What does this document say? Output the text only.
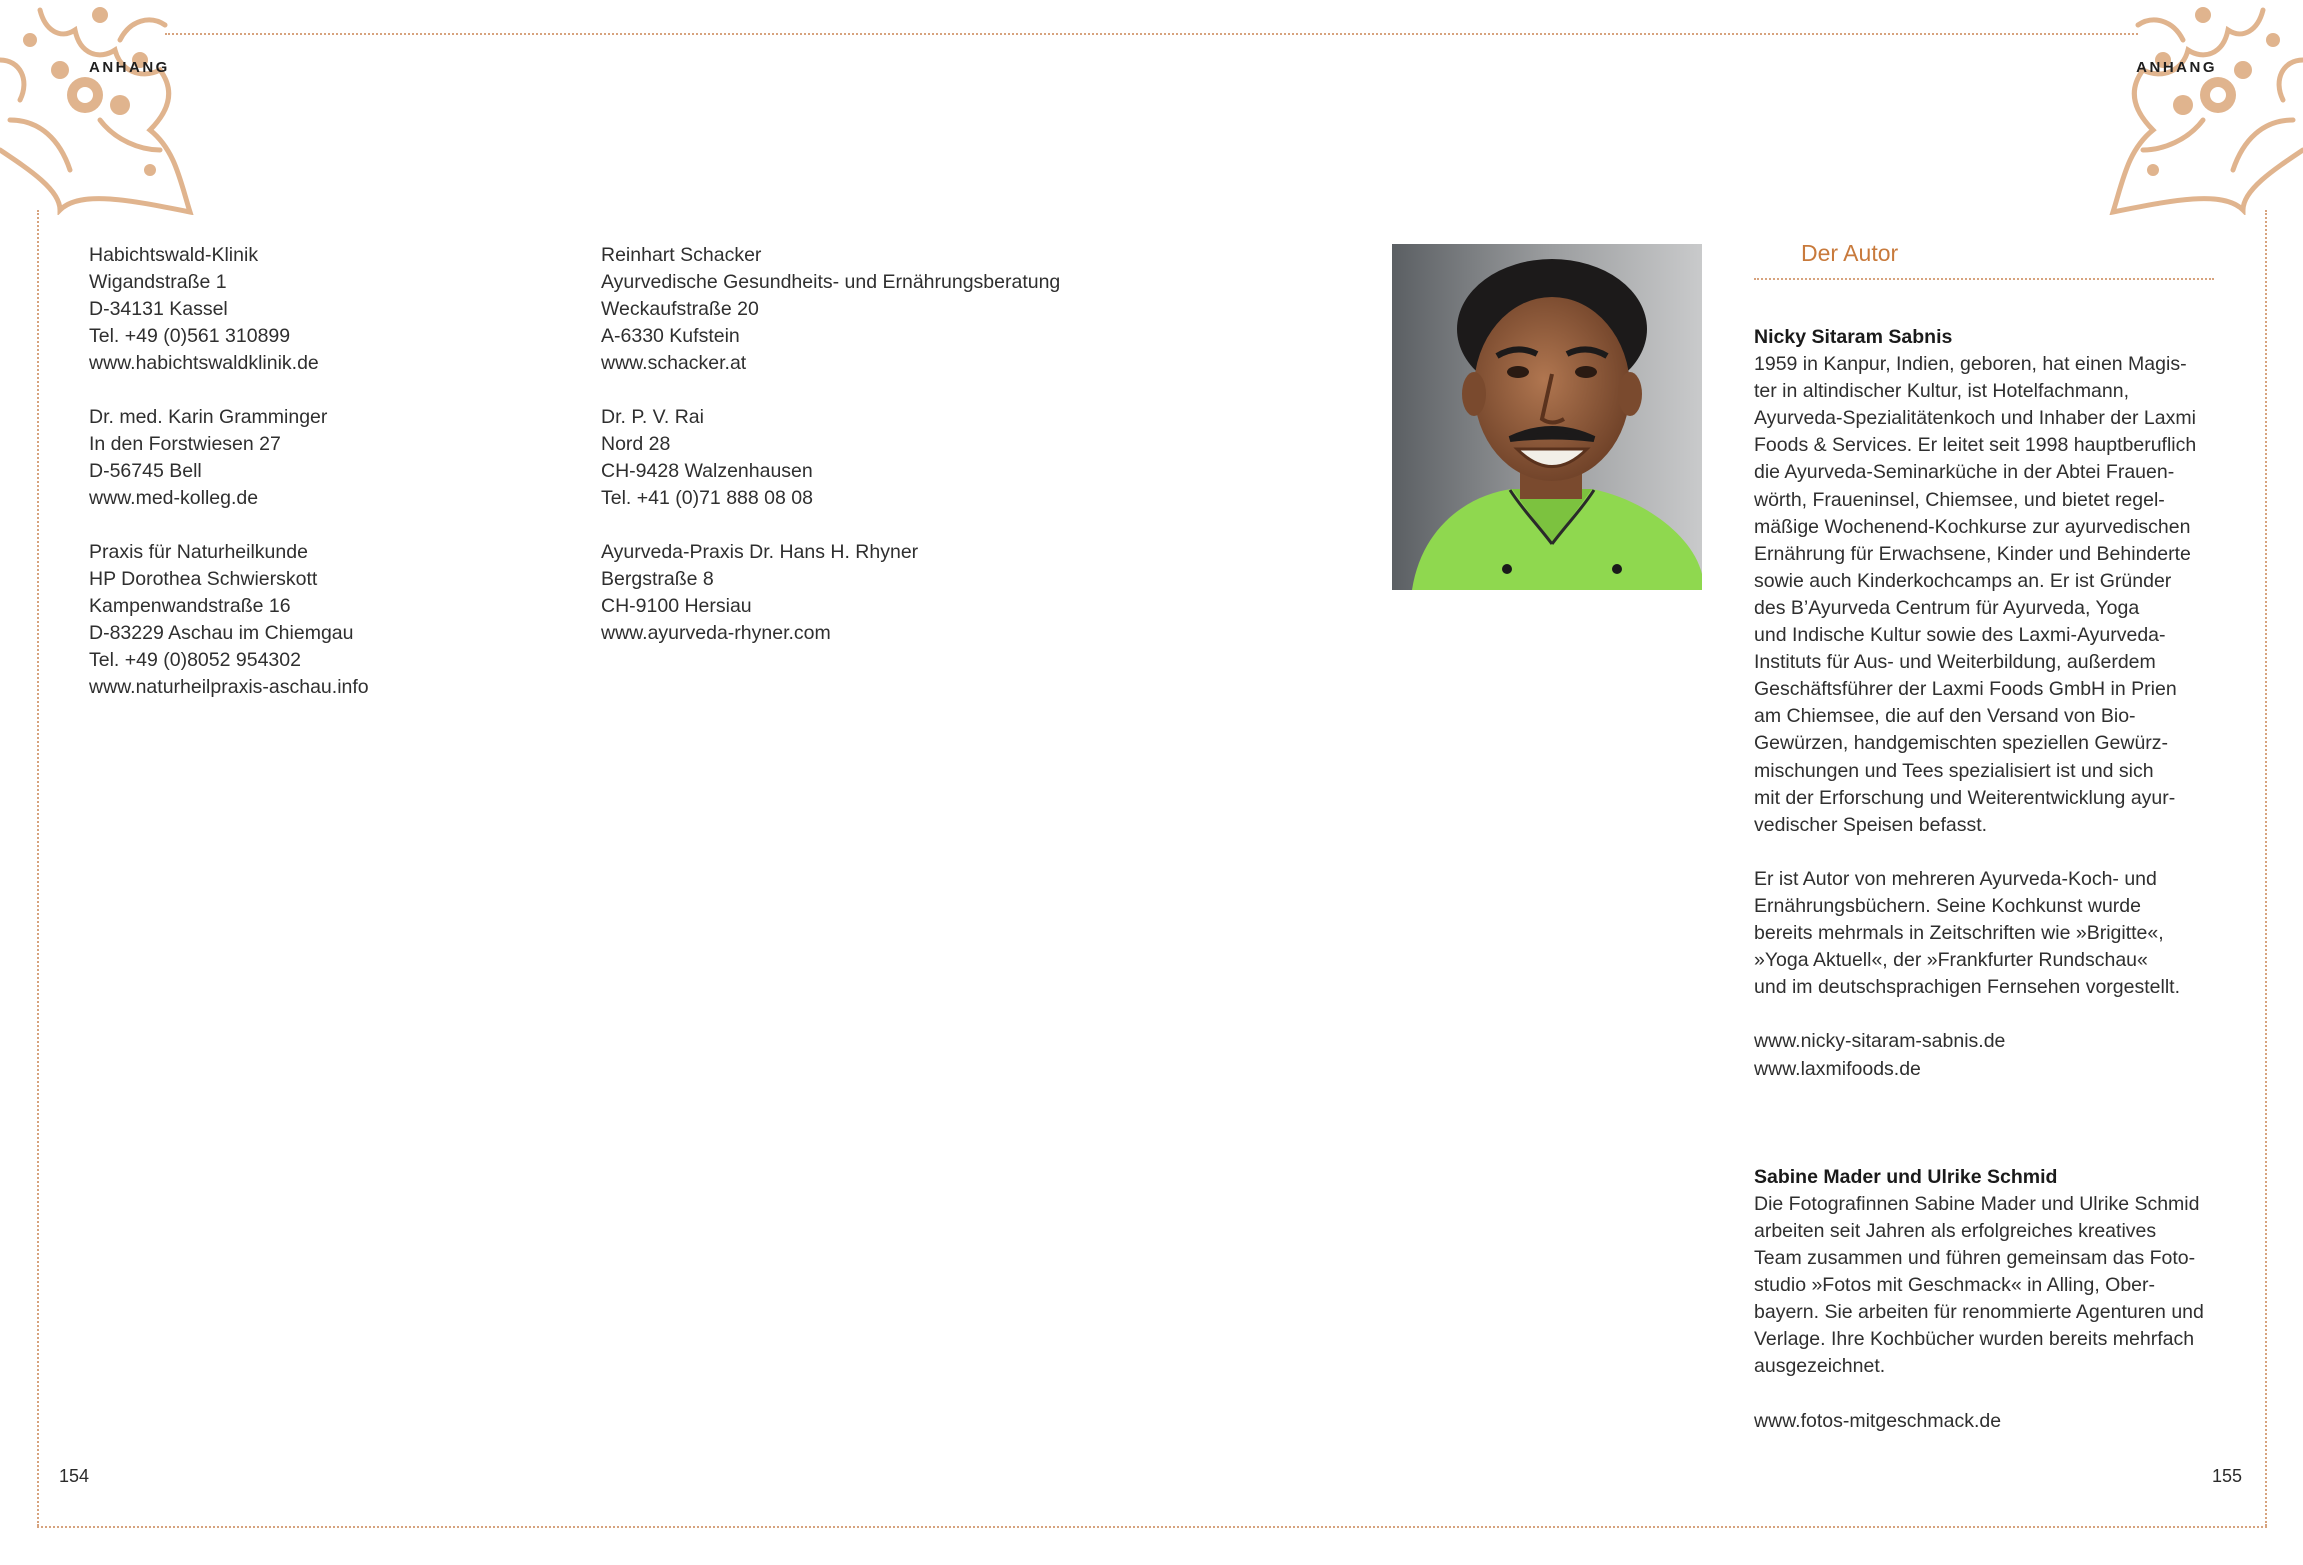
ANHANG	ANHANG
Habichtswald-Klinik
Wigandstraße 1
D-34131 Kassel
Tel. +49 (0)561 310899
www.habichtswaldklinik.de
Dr. med. Karin Gramminger
In den Forstwiesen 27
D-56745 Bell
www.med-kolleg.de
Praxis für Naturheilkunde
HP Dorothea Schwierskott
Kampenwandstraße 16
D-83229 Aschau im Chiemgau
Tel. +49 (0)8052 954302
www.naturheilpraxis-aschau.info
Reinhart Schacker
Ayurvedische Gesundheits- und Ernährungsberatung
Weckaufstraße 20
A-6330 Kufstein
www.schacker.at
Dr. P. V. Rai
Nord 28
CH-9428 Walzenhausen
Tel. +41 (0)71 888 08 08
Ayurveda-Praxis Dr. Hans H. Rhyner
Bergstraße 8
CH-9100 Hersiau
www.ayurveda-rhyner.com
Der Autor
Nicky Sitaram Sabnis
1959 in Kanpur, Indien, geboren, hat einen Magis-
ter in altindischer Kultur, ist Hotelfachmann,
Ayurveda-Spezialitätenkoch und Inhaber der Laxmi
Foods & Services. Er leitet seit 1998 hauptberuflich
die Ayurveda-Seminarküche in der Abtei Frauen-
wörth, Fraueninsel, Chiemsee, und bietet regel-
mäßige Wochenend-Kochkurse zur ayurvedischen
Ernährung für Erwachsene, Kinder und Behinderte
sowie auch Kinderkochcamps an. Er ist Gründer
des B’Ayurveda Centrum für Ayurveda, Yoga
und Indische Kultur sowie des Laxmi-Ayurveda-
Instituts für Aus- und Weiterbildung, außerdem
Geschäftsführer der Laxmi Foods GmbH in Prien
am Chiemsee, die auf den Versand von Bio-
Gewürzen, handgemischten speziellen Gewürz-
mischungen und Tees spezialisiert ist und sich
mit der Erforschung und Weiterentwicklung ayur-
vedischer Speisen befasst.
Er ist Autor von mehreren Ayurveda-Koch- und
Ernährungsbüchern. Seine Kochkunst wurde
bereits mehrmals in Zeitschriften wie »Brigitte«,
»Yoga Aktuell«, der »Frankfurter Rundschau«
und im deutschsprachigen Fernsehen vorgestellt.
www.nicky-sitaram-sabnis.de
www.laxmifoods.de
Sabine Mader und Ulrike Schmid
Die Fotografinnen Sabine Mader und Ulrike Schmid
arbeiten seit Jahren als erfolgreiches kreatives
Team zusammen und führen gemeinsam das Foto-
studio »Fotos mit Geschmack« in Alling, Ober-
bayern. Sie arbeiten für renommierte Agenturen und
Verlage. Ihre Kochbücher wurden bereits mehrfach
ausgezeichnet.
www.fotos-mitgeschmack.de
154	155
